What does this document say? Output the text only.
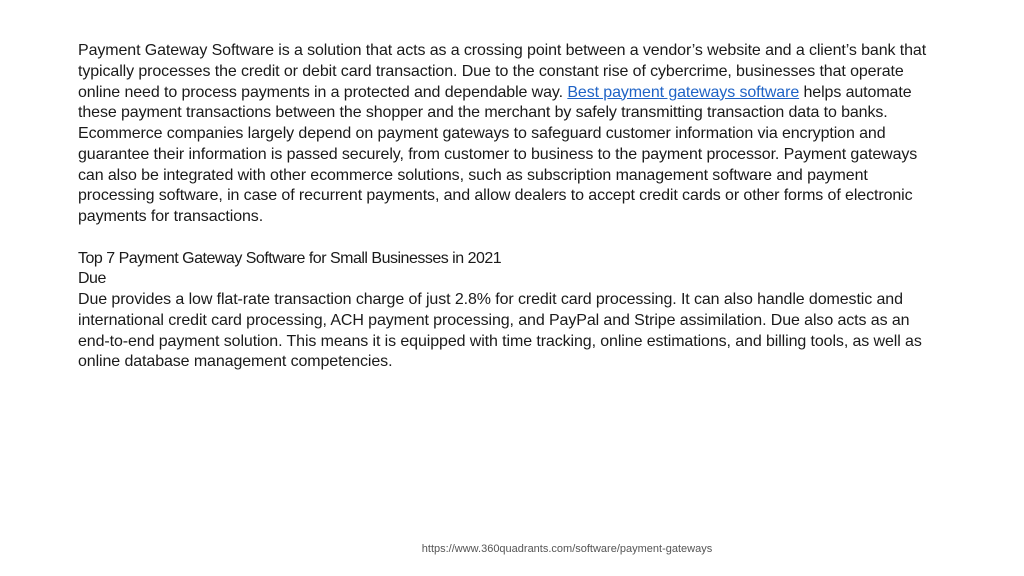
Payment Gateway Software is a solution that acts as a crossing point between a vendor’s website and a client’s bank that typically processes the credit or debit card transaction. Due to the constant rise of cybercrime, businesses that operate online need to process payments in a protected and dependable way. Best payment gateways software helps automate these payment transactions between the shopper and the merchant by safely transmitting transaction data to banks. Ecommerce companies largely depend on payment gateways to safeguard customer information via encryption and guarantee their information is passed securely, from customer to business to the payment processor. Payment gateways can also be integrated with other ecommerce solutions, such as subscription management software and payment processing software, in case of recurrent payments, and allow dealers to accept credit cards or other forms of electronic payments for transactions.

Top 7 Payment Gateway Software for Small Businesses in 2021

Due

Due provides a low flat-rate transaction charge of just 2.8% for credit card processing. It can also handle domestic and international credit card processing, ACH payment processing, and PayPal and Stripe assimilation. Due also acts as an end-to-end payment solution. This means it is equipped with time tracking, online estimations, and billing tools, as well as online database management competencies.

https://www.360quadrants.com/software/payment-gateways
